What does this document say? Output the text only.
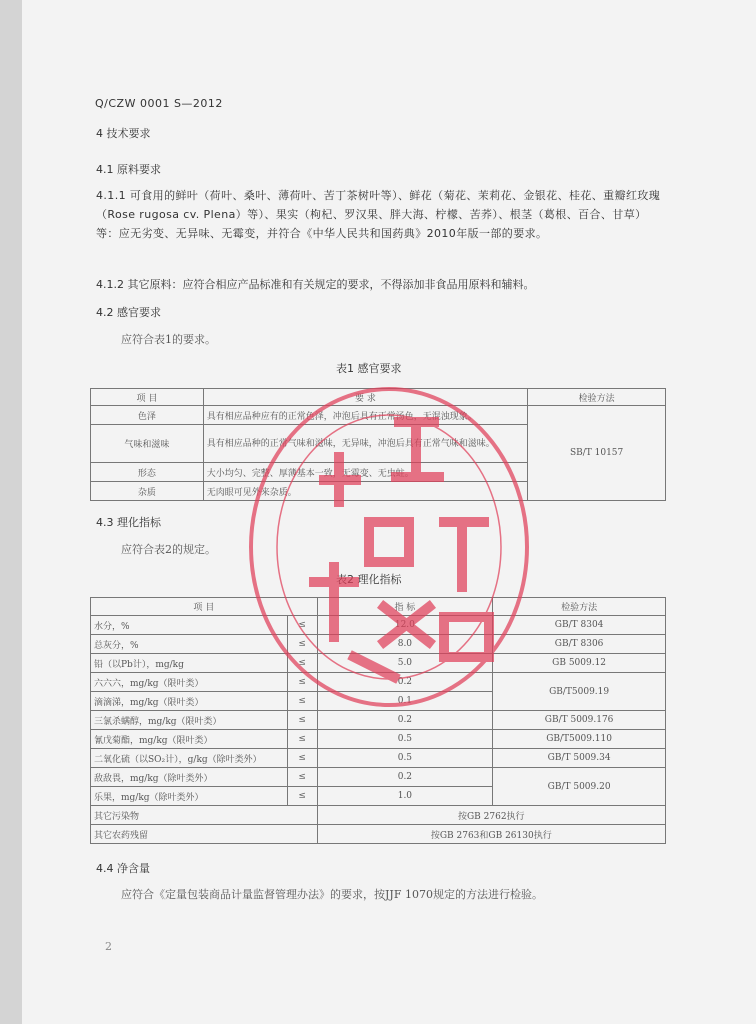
Q/CZW 0001 S—2012
4 技术要求
4.1 原料要求
4.1.1 可食用的鲜叶（荷叶、桑叶、薄荷叶、苦丁茶树叶等）、鲜花（菊花、茉莉花、金银花、桂花、重瓣红玫瑰（Rose rugosa cv. Plena）等）、果实（枸杞、罗汉果、胖大海、柠檬、苦荞）、根茎（葛根、百合、甘草）等：应无劣变、无异味、无霉变，并符合《中华人民共和国药典》2010年版一部的要求。
4.1.2 其它原料：应符合相应产品标准和有关规定的要求，不得添加非食品用原料和辅料。
4.2 感官要求
应符合表1的要求。
表1 感官要求
项 目	要 求	检验方法
色泽	具有相应品种应有的正常色泽，冲泡后具有正常汤色，无混浊现象。	SB/T 10157
气味和滋味	具有相应品种的正常气味和滋味，无异味，冲泡后具有正常气味和滋味。	
形态	大小均匀、完整、厚薄基本一致，无霉变、无虫蛀。	
杂质	无肉眼可见外来杂质。	
4.3 理化指标
应符合表2的规定。
表2 理化指标
项 目		指 标	检验方法
水分，%	≤	12.0	GB/T 8304
总灰分，%	≤	8.0	GB/T 8306
铅（以Pb计），mg/kg	≤	5.0	GB 5009.12
六六六，mg/kg（限叶类）	≤	0.2	GB/T5009.19
滴滴涕，mg/kg（限叶类）	≤	0.1	
三氯杀螨醇，mg/kg（限叶类）	≤	0.2	GB/T 5009.176
氰戊菊酯，mg/kg（限叶类）	≤	0.5	GB/T5009.110
二氧化硫（以SO₂计），g/kg（除叶类外）	≤	0.5	GB/T 5009.34
敌敌畏，mg/kg（除叶类外）	≤	0.2	GB/T 5009.20
乐果，mg/kg（除叶类外）	≤	1.0	
其它污染物		按GB 2762执行	
其它农药残留		按GB 2763和GB 26130执行	
4.4 净含量
应符合《定量包装商品计量监督管理办法》的要求，按JJF 1070规定的方法进行检验。
2
